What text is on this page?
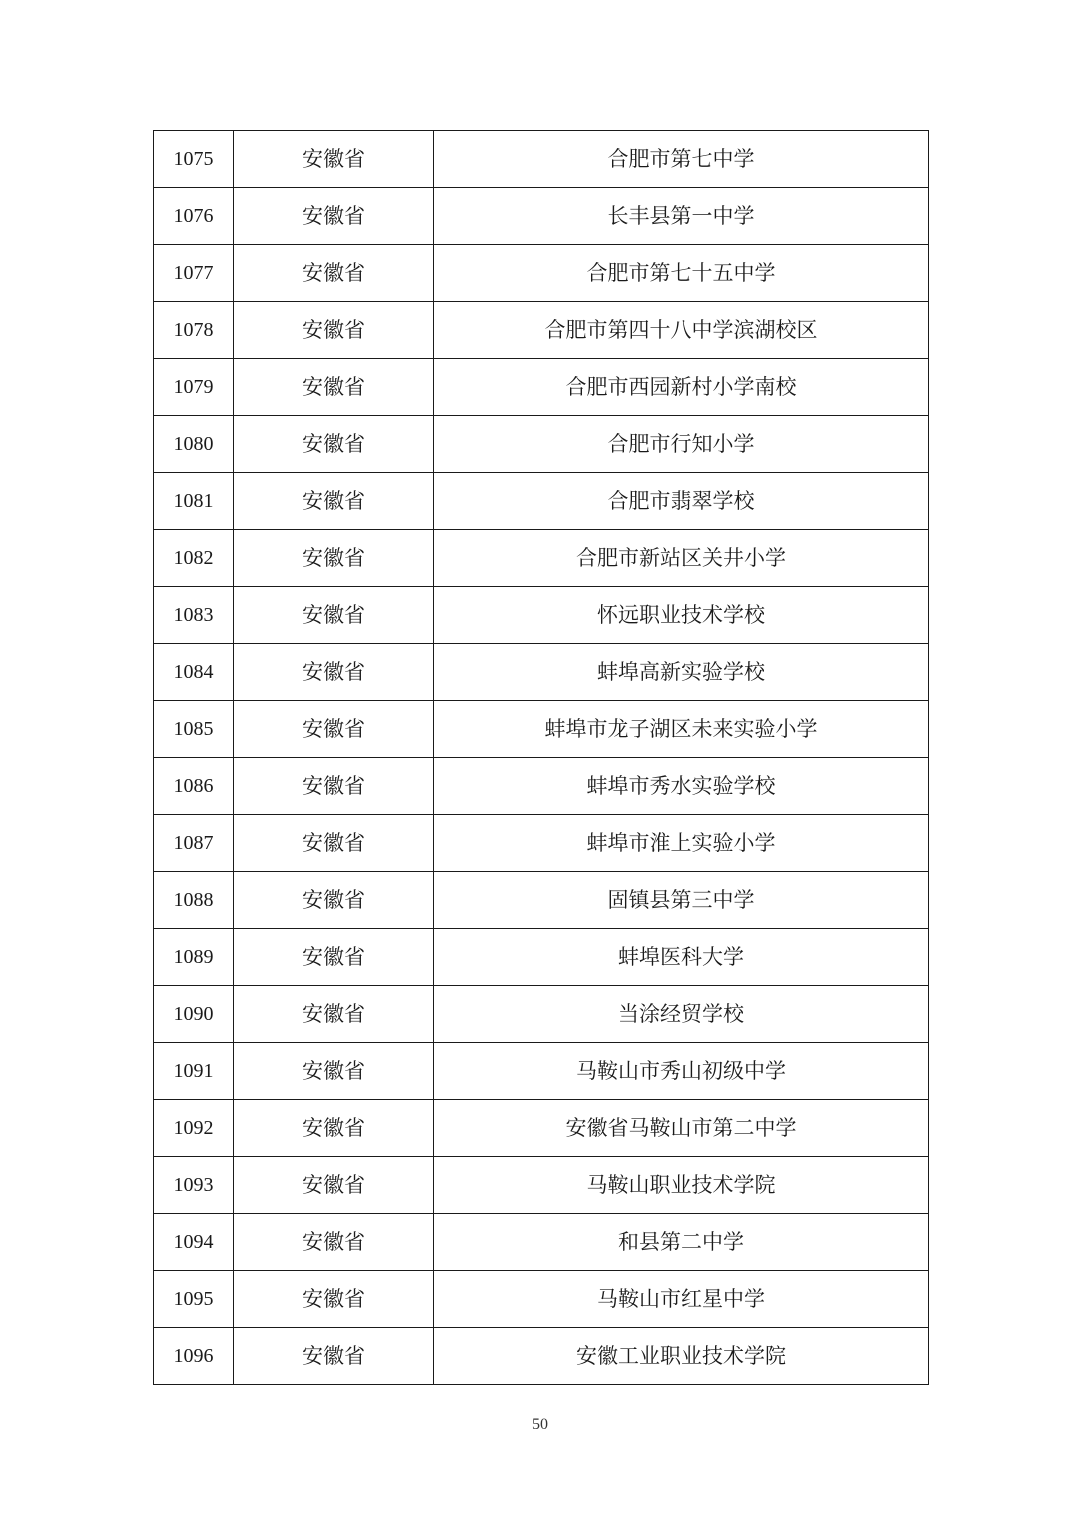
1075	安徽省	合肥市第七中学
1076	安徽省	长丰县第一中学
1077	安徽省	合肥市第七十五中学
1078	安徽省	合肥市第四十八中学滨湖校区
1079	安徽省	合肥市西园新村小学南校
1080	安徽省	合肥市行知小学
1081	安徽省	合肥市翡翠学校
1082	安徽省	合肥市新站区关井小学
1083	安徽省	怀远职业技术学校
1084	安徽省	蚌埠高新实验学校
1085	安徽省	蚌埠市龙子湖区未来实验小学
1086	安徽省	蚌埠市秀水实验学校
1087	安徽省	蚌埠市淮上实验小学
1088	安徽省	固镇县第三中学
1089	安徽省	蚌埠医科大学
1090	安徽省	当涂经贸学校
1091	安徽省	马鞍山市秀山初级中学
1092	安徽省	安徽省马鞍山市第二中学
1093	安徽省	马鞍山职业技术学院
1094	安徽省	和县第二中学
1095	安徽省	马鞍山市红星中学
1096	安徽省	安徽工业职业技术学院
50
